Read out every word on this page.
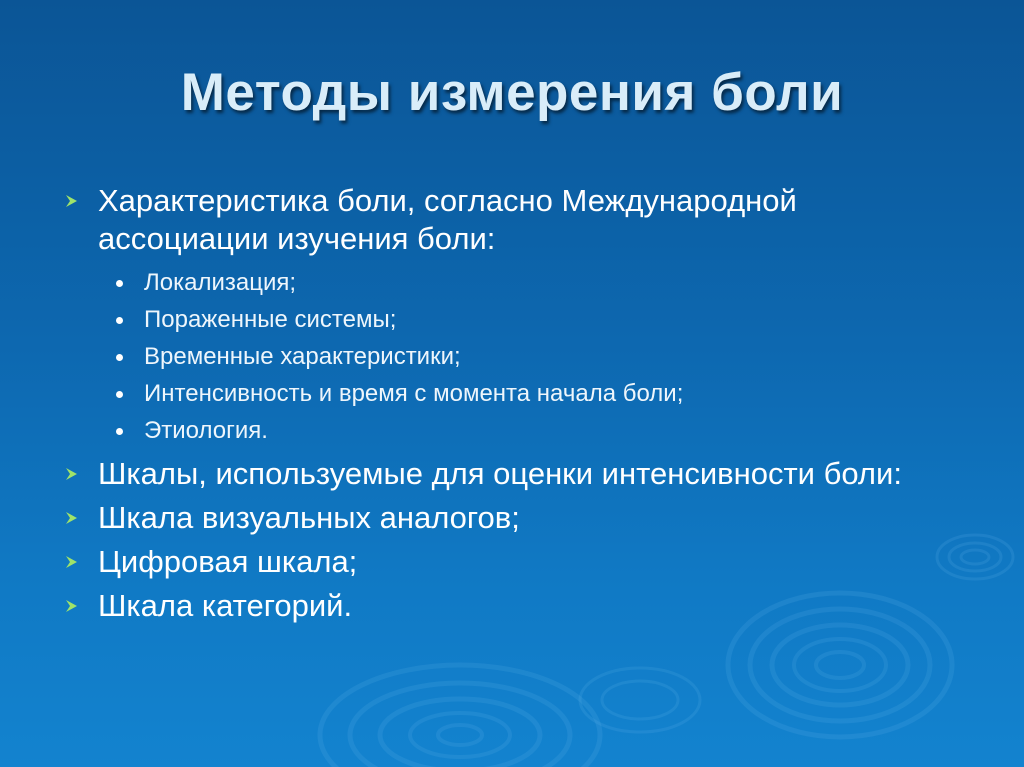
Методы измерения боли
Характеристика боли, согласно Международной ассоциации изучения боли:
Локализация;
Пораженные системы;
Временные характеристики;
Интенсивность и время с момента начала боли;
Этиология.
Шкалы, используемые для оценки интенсивности боли:
Шкала визуальных аналогов;
Цифровая шкала;
Шкала категорий.
